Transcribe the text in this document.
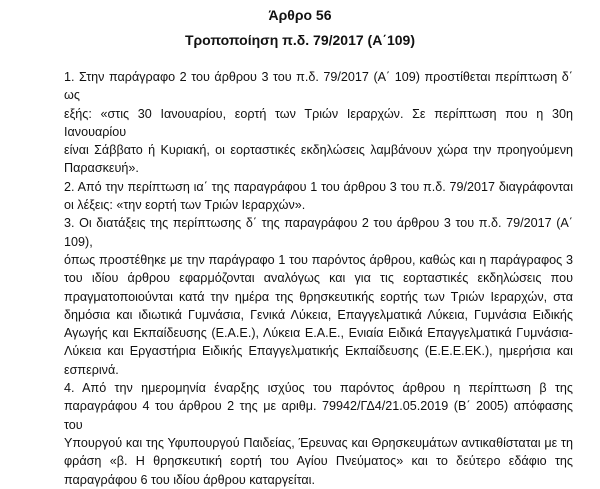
Άρθρο 56
Τροποποίηση π.δ. 79/2017 (Α΄109)
1. Στην παράγραφο 2 του άρθρου 3 του π.δ. 79/2017 (Α΄ 109) προστίθεται περίπτωση δ΄ ως
εξής: «στις 30 Ιανουαρίου, εορτή των Τριών Ιεραρχών. Σε περίπτωση που η 30η Ιανουαρίου
είναι Σάββατο ή Κυριακή, οι εορταστικές εκδηλώσεις λαμβάνουν χώρα την προηγούμενη
Παρασκευή».
2. Από την περίπτωση ια΄ της παραγράφου 1 του άρθρου 3 του π.δ. 79/2017 διαγράφονται
οι λέξεις: «την εορτή των Τριών Ιεραρχών».
3. Οι διατάξεις της περίπτωσης δ΄ της παραγράφου 2 του άρθρου 3 του π.δ. 79/2017 (Α΄ 109),
όπως προστέθηκε με την παράγραφο 1 του παρόντος άρθρου, καθώς και η παράγραφος 3
του ιδίου άρθρου εφαρμόζονται αναλόγως και για τις εορταστικές εκδηλώσεις που
πραγματοποιούνται κατά την ημέρα της θρησκευτικής εορτής των Τριών Ιεραρχών, στα
δημόσια και ιδιωτικά Γυμνάσια, Γενικά Λύκεια, Επαγγελματικά Λύκεια, Γυμνάσια Ειδικής
Αγωγής και Εκπαίδευσης (Ε.Α.Ε.), Λύκεια Ε.Α.Ε., Ενιαία Ειδικά Επαγγελματικά Γυμνάσια-
Λύκεια και Εργαστήρια Ειδικής Επαγγελματικής Εκπαίδευσης (Ε.Ε.Ε.ΕΚ.), ημερήσια και
εσπερινά.
4. Από την ημερομηνία έναρξης ισχύος του παρόντος άρθρου η περίπτωση β της
παραγράφου 4 του άρθρου 2 της με αριθμ. 79942/ΓΔ4/21.05.2019 (Β΄ 2005) απόφασης του
Υπουργού και της Υφυπουργού Παιδείας, Έρευνας και Θρησκευμάτων αντικαθίσταται με τη
φράση «β. Η θρησκευτική εορτή του Αγίου Πνεύματος» και το δεύτερο εδάφιο της
παραγράφου 6 του ιδίου άρθρου καταργείται.
